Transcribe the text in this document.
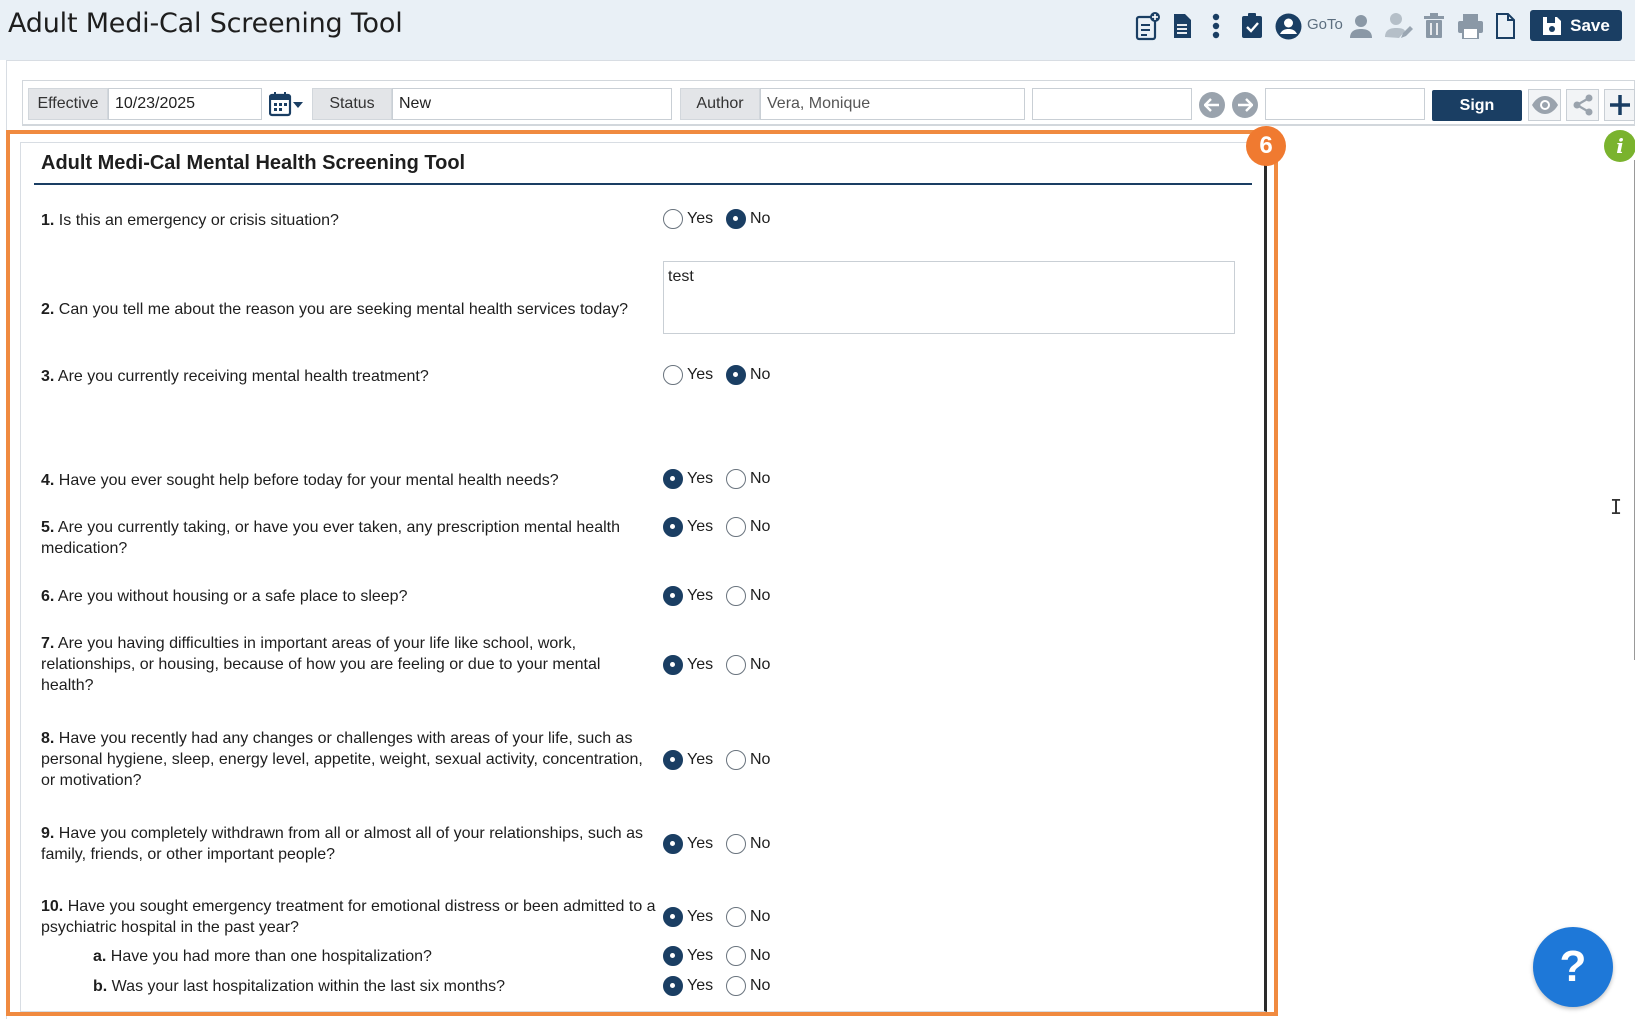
Adult Medi-Cal Screening Tool	GoTo	Save
Effective	10/23/2025	Status	New	Author	Vera, Monique	Sign
Adult Medi-Cal Mental Health Screening Tool
1. Is this an emergency or crisis situation?	Yes No
2. Can you tell me about the reason you are seeking mental health services today?
test
3. Are you currently receiving mental health treatment?	Yes No
4. Have you ever sought help before today for your mental health needs?	Yes No
5. Are you currently taking, or have you ever taken, any prescription mental health medication?
Yes No
6. Are you without housing or a safe place to sleep?	Yes No
7. Are you having difficulties in important areas of your life like school, work, relationships, or housing, because of how you are feeling or due to your mental health?
Yes No
8. Have you recently had any changes or challenges with areas of your life, such as personal hygiene, sleep, energy level, appetite, weight, sexual activity, concentration, or motivation?
Yes No
9. Have you completely withdrawn from all or almost all of your relationships, such as family, friends, or other important people?
Yes No
10. Have you sought emergency treatment for emotional distress or been admitted to a psychiatric hospital in the past year?
Yes No
a. Have you had more than one hospitalization?	Yes No
b. Was your last hospitalization within the last six months?	Yes No
6	i
I
?
